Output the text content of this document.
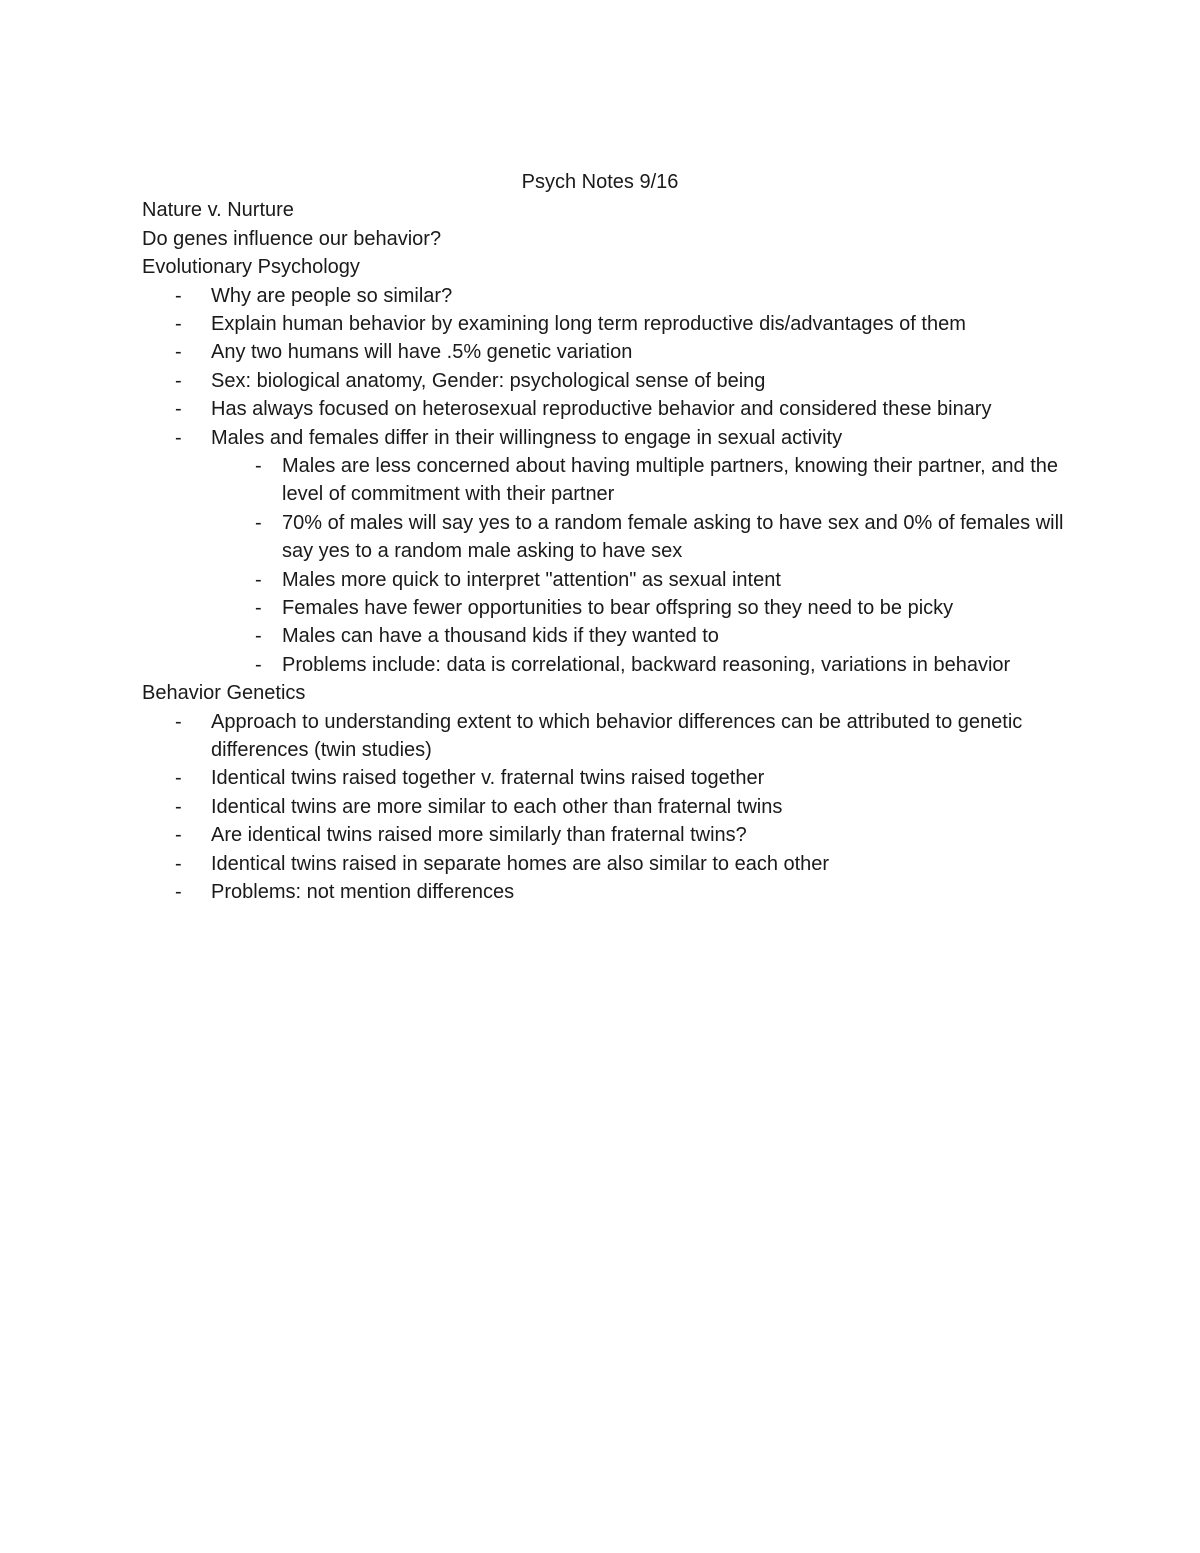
Psych Notes 9/16
Nature v. Nurture
Do genes influence our behavior?
Evolutionary Psychology
- Why are people so similar?
- Explain human behavior by examining long term reproductive dis/advantages of them
- Any two humans will have .5% genetic variation
- Sex: biological anatomy, Gender: psychological sense of being
- Has always focused on heterosexual reproductive behavior and considered these binary
- Males and females differ in their willingness to engage in sexual activity
- Males are less concerned about having multiple partners, knowing their partner, and the level of commitment with their partner
- 70% of males will say yes to a random female asking to have sex and 0% of females will say yes to a random male asking to have sex
- Males more quick to interpret "attention" as sexual intent
- Females have fewer opportunities to bear offspring so they need to be picky
- Males can have a thousand kids if they wanted to
- Problems include: data is correlational, backward reasoning, variations in behavior
Behavior Genetics
- Approach to understanding extent to which behavior differences can be attributed to genetic differences (twin studies)
- Identical twins raised together v. fraternal twins raised together
- Identical twins are more similar to each other than fraternal twins
- Are identical twins raised more similarly than fraternal twins?
- Identical twins raised in separate homes are also similar to each other
- Problems: not mention differences
